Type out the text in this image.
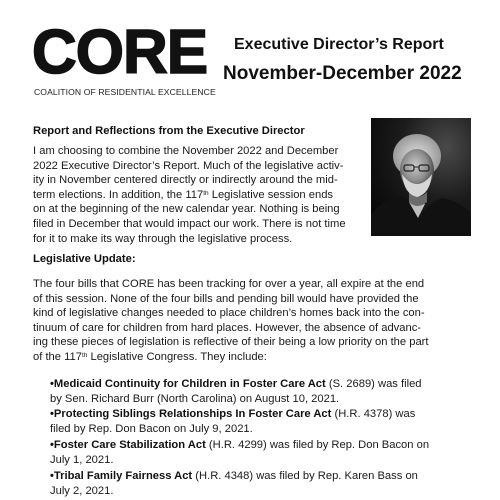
CORE
COALITION OF RESIDENTIAL EXCELLENCE
Executive Director’s Report
November-December 2022
Report and Reflections from the Executive Director
I am choosing to combine the November 2022 and December
2022 Executive Director’s Report. Much of the legislative activ-
ity in November centered directly or indirectly around the mid-
term elections. In addition, the 117th Legislative session ends
on at the beginning of the new calendar year. Nothing is being
filed in December that would impact our work. There is not time
for it to make its way through the legislative process.
Legislative Update:
The four bills that CORE has been tracking for over a year, all expire at the end
of this session. None of the four bills and pending bill would have provided the
kind of legislative changes needed to place children’s homes back into the con-
tinuum of care for children from hard places. However, the absence of advanc-
ing these pieces of legislation is reflective of their being a low priority on the part
of the 117th Legislative Congress. They include:
•Medicaid Continuity for Children in Foster Care Act (S. 2689) was filed
by Sen. Richard Burr (North Carolina) on August 10, 2021.
•Protecting Siblings Relationships In Foster Care Act (H.R. 4378) was
filed by Rep. Don Bacon on July 9, 2021.
•Foster Care Stabilization Act (H.R. 4299) was filed by Rep. Don Bacon on
July 1, 2021.
•Tribal Family Fairness Act (H.R. 4348) was filed by Rep. Karen Bass on
July 2, 2021.
